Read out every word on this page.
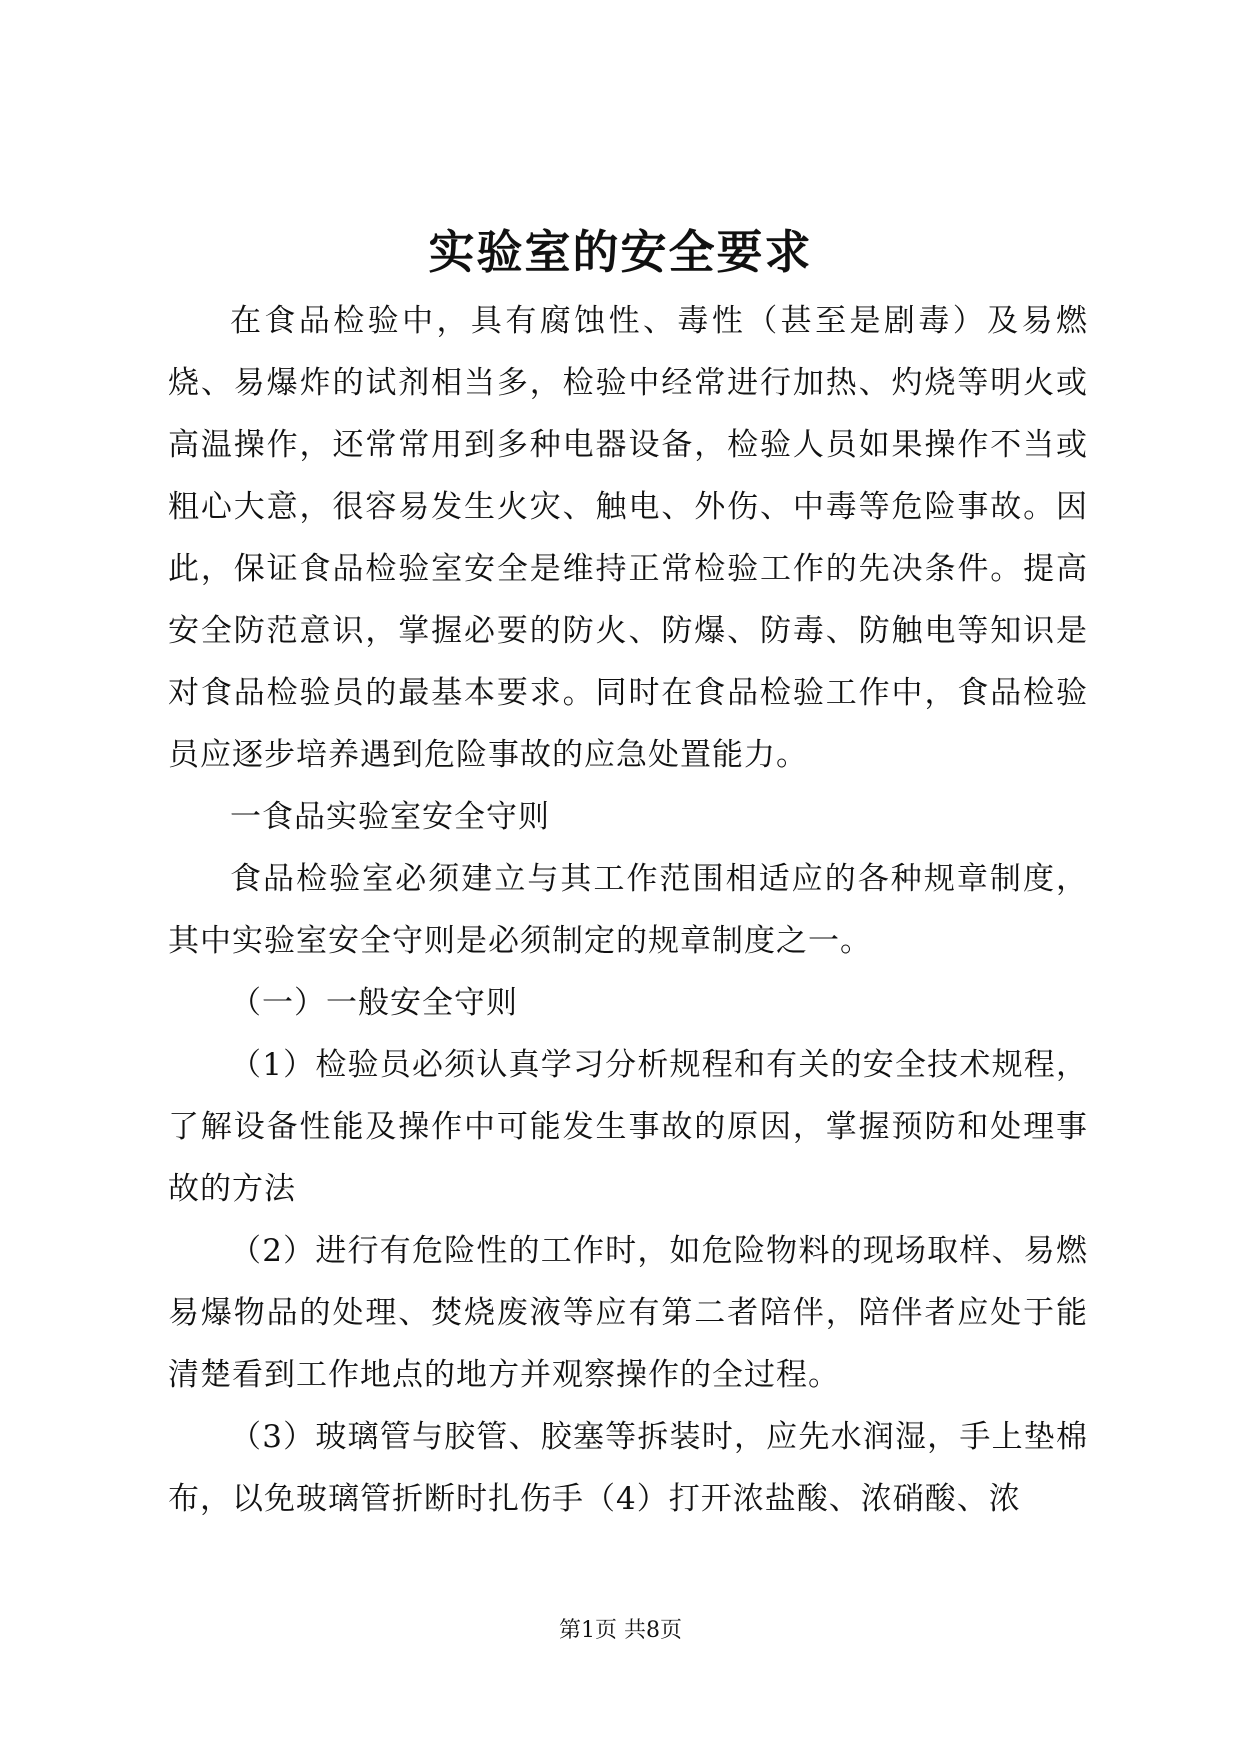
实验室的安全要求

在食品检验中，具有腐蚀性、毒性（甚至是剧毒）及易燃烧、易爆炸的试剂相当多，检验中经常进行加热、灼烧等明火或高温操作，还常常用到多种电器设备，检验人员如果操作不当或粗心大意，很容易发生火灾、触电、外伤、中毒等危险事故。因此，保证食品检验室安全是维持正常检验工作的先决条件。提高安全防范意识，掌握必要的防火、防爆、防毒、防触电等知识是对食品检验员的最基本要求。同时在食品检验工作中，食品检验员应逐步培养遇到危险事故的应急处置能力。

一食品实验室安全守则

食品检验室必须建立与其工作范围相适应的各种规章制度，其中实验室安全守则是必须制定的规章制度之一。

（一）一般安全守则

（1）检验员必须认真学习分析规程和有关的安全技术规程，了解设备性能及操作中可能发生事故的原因，掌握预防和处理事故的方法

（2）进行有危险性的工作时，如危险物料的现场取样、易燃易爆物品的处理、焚烧废液等应有第二者陪伴，陪伴者应处于能清楚看到工作地点的地方并观察操作的全过程。

（3）玻璃管与胶管、胶塞等拆装时，应先水润湿，手上垫棉布，以免玻璃管折断时扎伤手（4）打开浓盐酸、浓硝酸、浓

第1页 共8页
